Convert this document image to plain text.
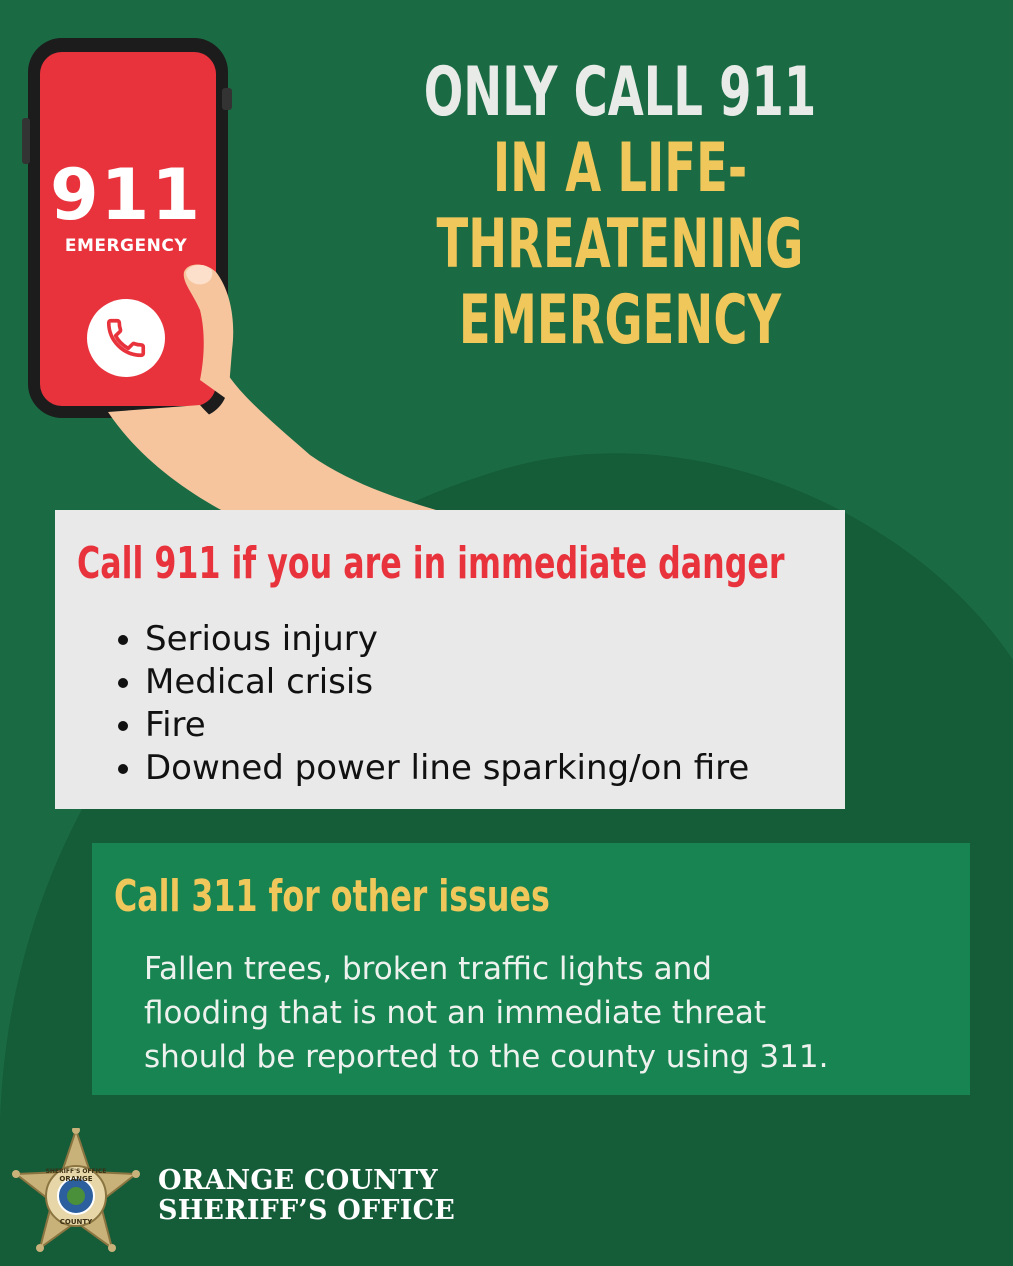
911
EMERGENCY
ONLY CALL 911
IN A LIFE-THREATENING
EMERGENCY
Call 911 if you are in immediate danger
• Serious injury
• Medical crisis
• Fire
• Downed power line sparking/on fire
Call 311 for other issues
Fallen trees, broken traffic lights and
flooding that is not an immediate threat
should be reported to the county using 311.
SHERIFF'S OFFICE
ORANGE
COUNTY
ORANGE COUNTY
SHERIFF’S OFFICE
